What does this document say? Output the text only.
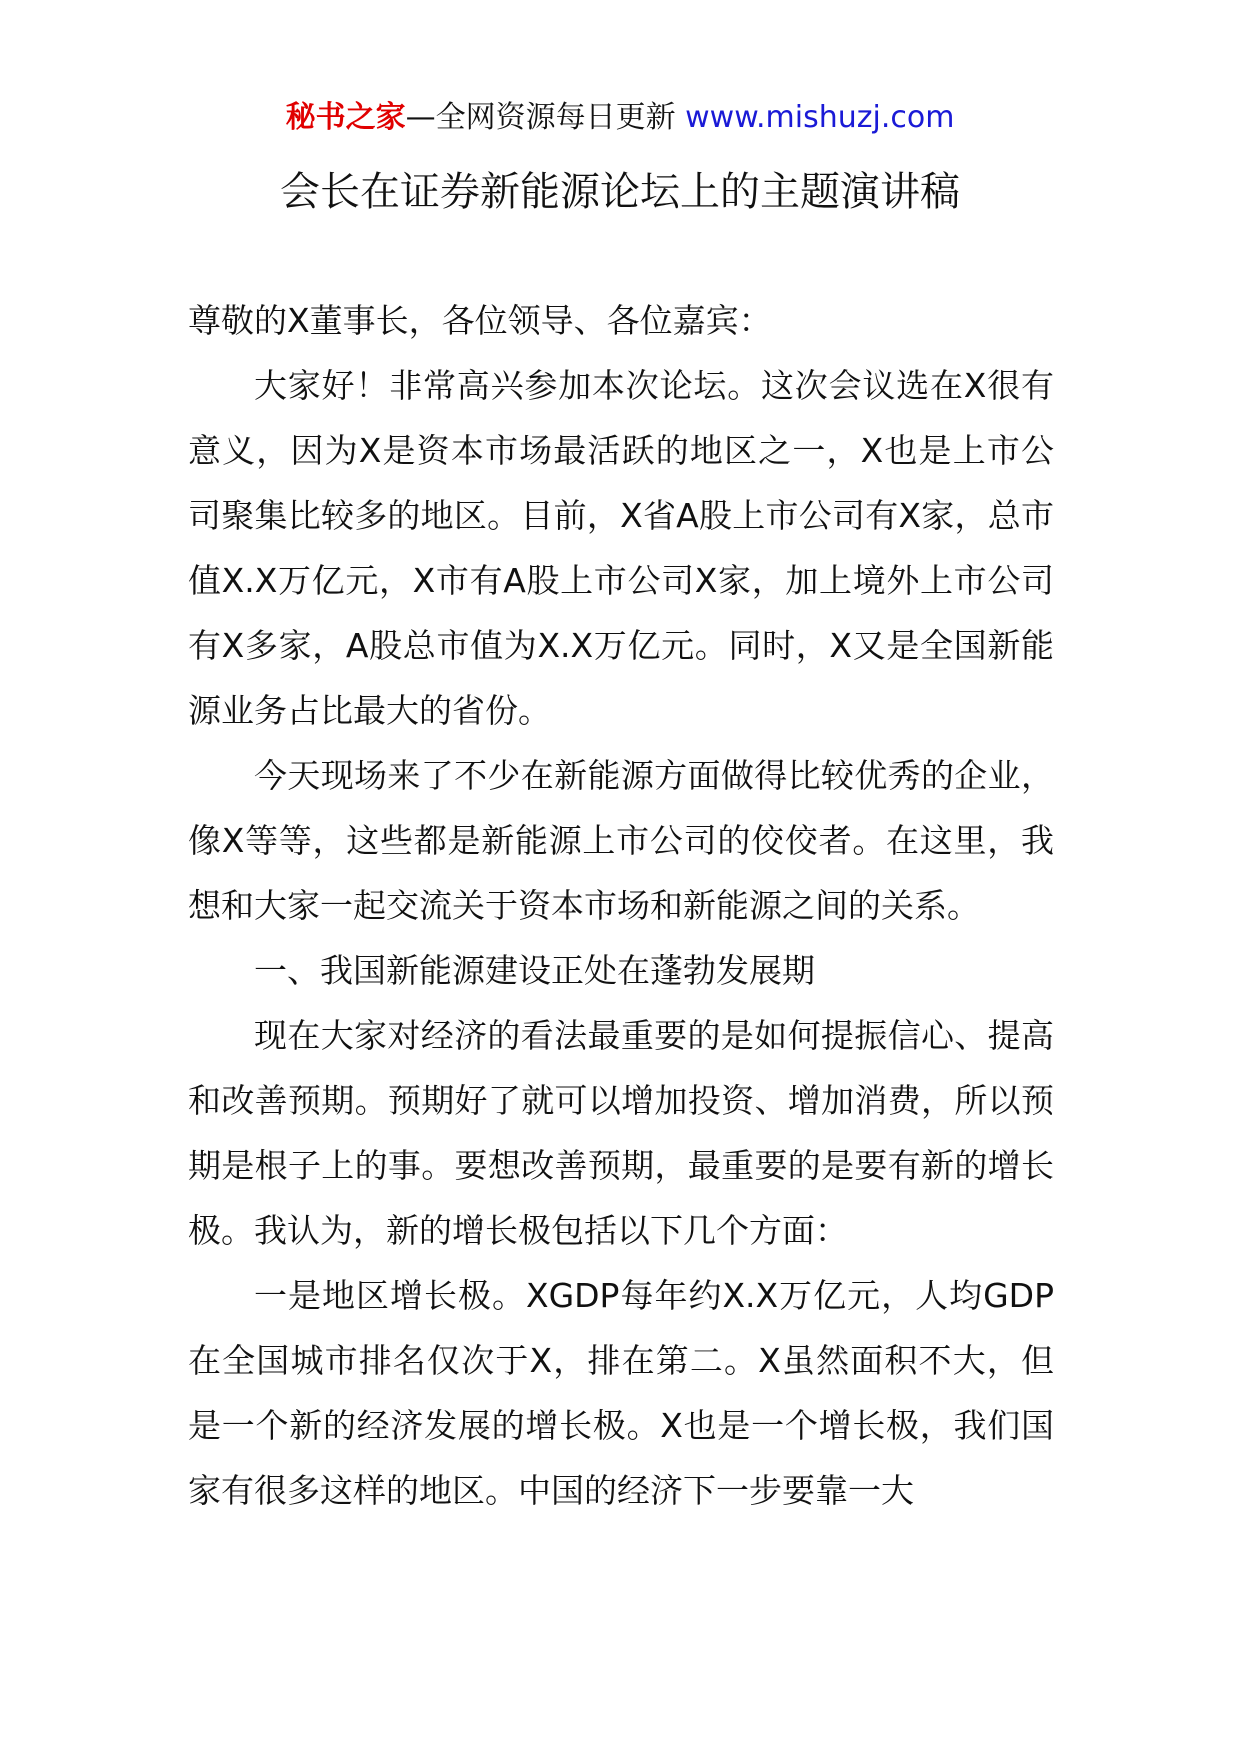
秘书之家—全网资源每日更新 www.mishuzj.com
会长在证券新能源论坛上的主题演讲稿

尊敬的X董事长，各位领导、各位嘉宾：

大家好！非常高兴参加本次论坛。这次会议选在X很有意义，因为X是资本市场最活跃的地区之一，X也是上市公司聚集比较多的地区。目前，X省A股上市公司有X家，总市值X.X万亿元，X市有A股上市公司X家，加上境外上市公司有X多家，A股总市值为X.X万亿元。同时，X又是全国新能源业务占比最大的省份。

今天现场来了不少在新能源方面做得比较优秀的企业，像X等等，这些都是新能源上市公司的佼佼者。在这里，我想和大家一起交流关于资本市场和新能源之间的关系。

一、我国新能源建设正处在蓬勃发展期

现在大家对经济的看法最重要的是如何提振信心、提高和改善预期。预期好了就可以增加投资、增加消费，所以预期是根子上的事。要想改善预期，最重要的是要有新的增长极。我认为，新的增长极包括以下几个方面：

一是地区增长极。XGDP每年约X.X万亿元，人均GDP在全国城市排名仅次于X，排在第二。X虽然面积不大，但是一个新的经济发展的增长极。X也是一个增长极，我们国家有很多这样的地区。中国的经济下一步要靠一大
